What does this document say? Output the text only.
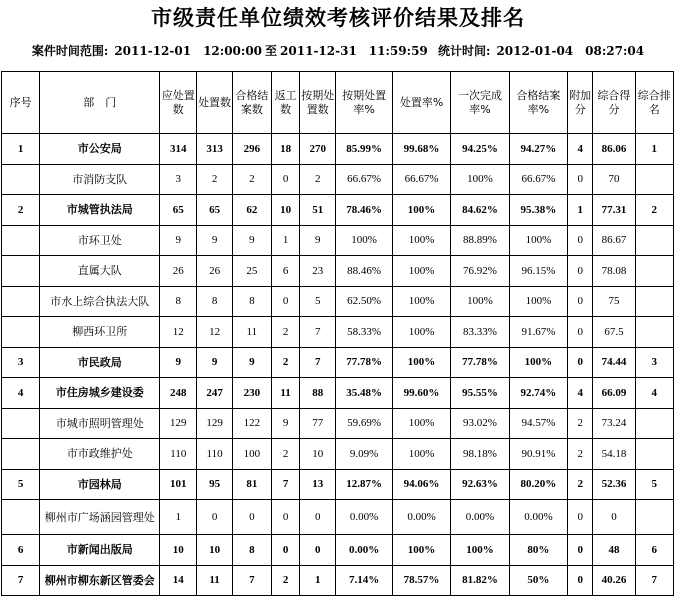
市级责任单位绩效考核评价结果及排名
案件时间范围: 2011-12-01　12:00:00 至 2011-12-31　11:59:59 统计时间: 2012-01-04　08:27:04
序号	部　门	应处置数	处置数	合格结案数	返工数	按期处置数	按期处置率%	处置率%	一次完成率%	合格结案率%	附加分	综合得分	综合排名
1	市公安局	314	313	296	18	270	85.99%	99.68%	94.25%	94.27%	4	86.06	1
	市消防支队	3	2	2	0	2	66.67%	66.67%	100%	66.67%	0	70	
2	市城管执法局	65	65	62	10	51	78.46%	100%	84.62%	95.38%	1	77.31	2
	市环卫处	9	9	9	1	9	100%	100%	88.89%	100%	0	86.67	
	直属大队	26	26	25	6	23	88.46%	100%	76.92%	96.15%	0	78.08	
	市水上综合执法大队	8	8	8	0	5	62.50%	100%	100%	100%	0	75	
	柳西环卫所	12	12	11	2	7	58.33%	100%	83.33%	91.67%	0	67.5	
3	市民政局	9	9	9	2	7	77.78%	100%	77.78%	100%	0	74.44	3
4	市住房城乡建设委	248	247	230	11	88	35.48%	99.60%	95.55%	92.74%	4	66.09	4
	市城市照明管理处	129	129	122	9	77	59.69%	100%	93.02%	94.57%	2	73.24	
	市市政维护处	110	110	100	2	10	9.09%	100%	98.18%	90.91%	2	54.18	
5	市园林局	101	95	81	7	13	12.87%	94.06%	92.63%	80.20%	2	52.36	5
	柳州市广场涵园管理处	1	0	0	0	0	0.00%	0.00%	0.00%	0.00%	0	0	
6	市新闻出版局	10	10	8	0	0	0.00%	100%	100%	80%	0	48	6
7	柳州市柳东新区管委会	14	11	7	2	1	7.14%	78.57%	81.82%	50%	0	40.26	7
